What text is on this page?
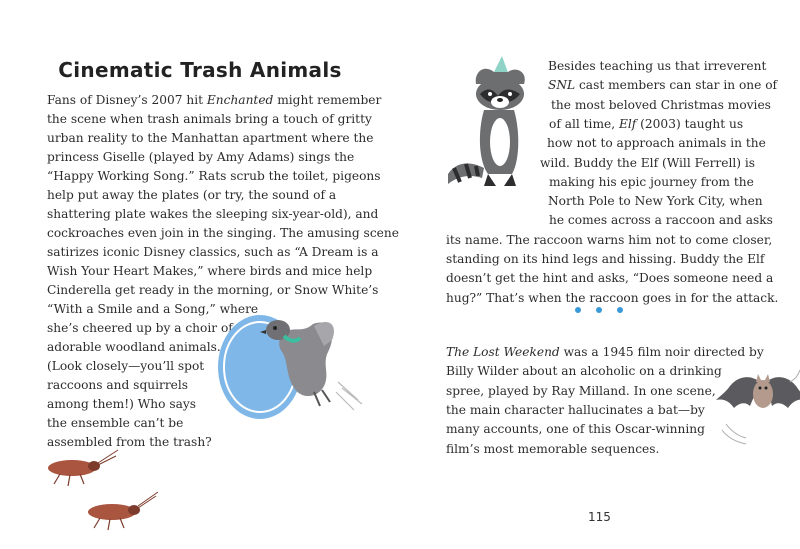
Cinematic Trash Animals
Fans of Disney’s 2007 hit Enchanted might remember
the scene when trash animals bring a touch of gritty
urban reality to the Manhattan apartment where the
princess Giselle (played by Amy Adams) sings the
“Happy Working Song.” Rats scrub the toilet, pigeons
help put away the plates (or try, the sound of a
shattering plate wakes the sleeping six-year-old), and
cockroaches even join in the singing. The amusing scene
satirizes iconic Disney classics, such as “A Dream is a
Wish Your Heart Makes,” where birds and mice help
Cinderella get ready in the morning, or Snow White’s
“With a Smile and a Song,” where
she’s cheered up by a choir of
adorable woodland animals.
(Look closely—you’ll spot
raccoons and squirrels
among them!) Who says
the ensemble can’t be
assembled from the trash?
Besides teaching us that irreverent
SNL cast members can star in one of
the most beloved Christmas movies
of all time, Elf (2003) taught us
how not to approach animals in the
wild. Buddy the Elf (Will Ferrell) is
making his epic journey from the
North Pole to New York City, when
he comes across a raccoon and asks
its name. The raccoon warns him not to come closer,
standing on its hind legs and hissing. Buddy the Elf
doesn’t get the hint and asks, “Does someone need a
hug?” That’s when the raccoon goes in for the attack.
The Lost Weekend was a 1945 film noir directed by
Billy Wilder about an alcoholic on a drinking
spree, played by Ray Milland. In one scene,
the main character hallucinates a bat—by
many accounts, one of this Oscar-winning
film’s most memorable sequences.
115
